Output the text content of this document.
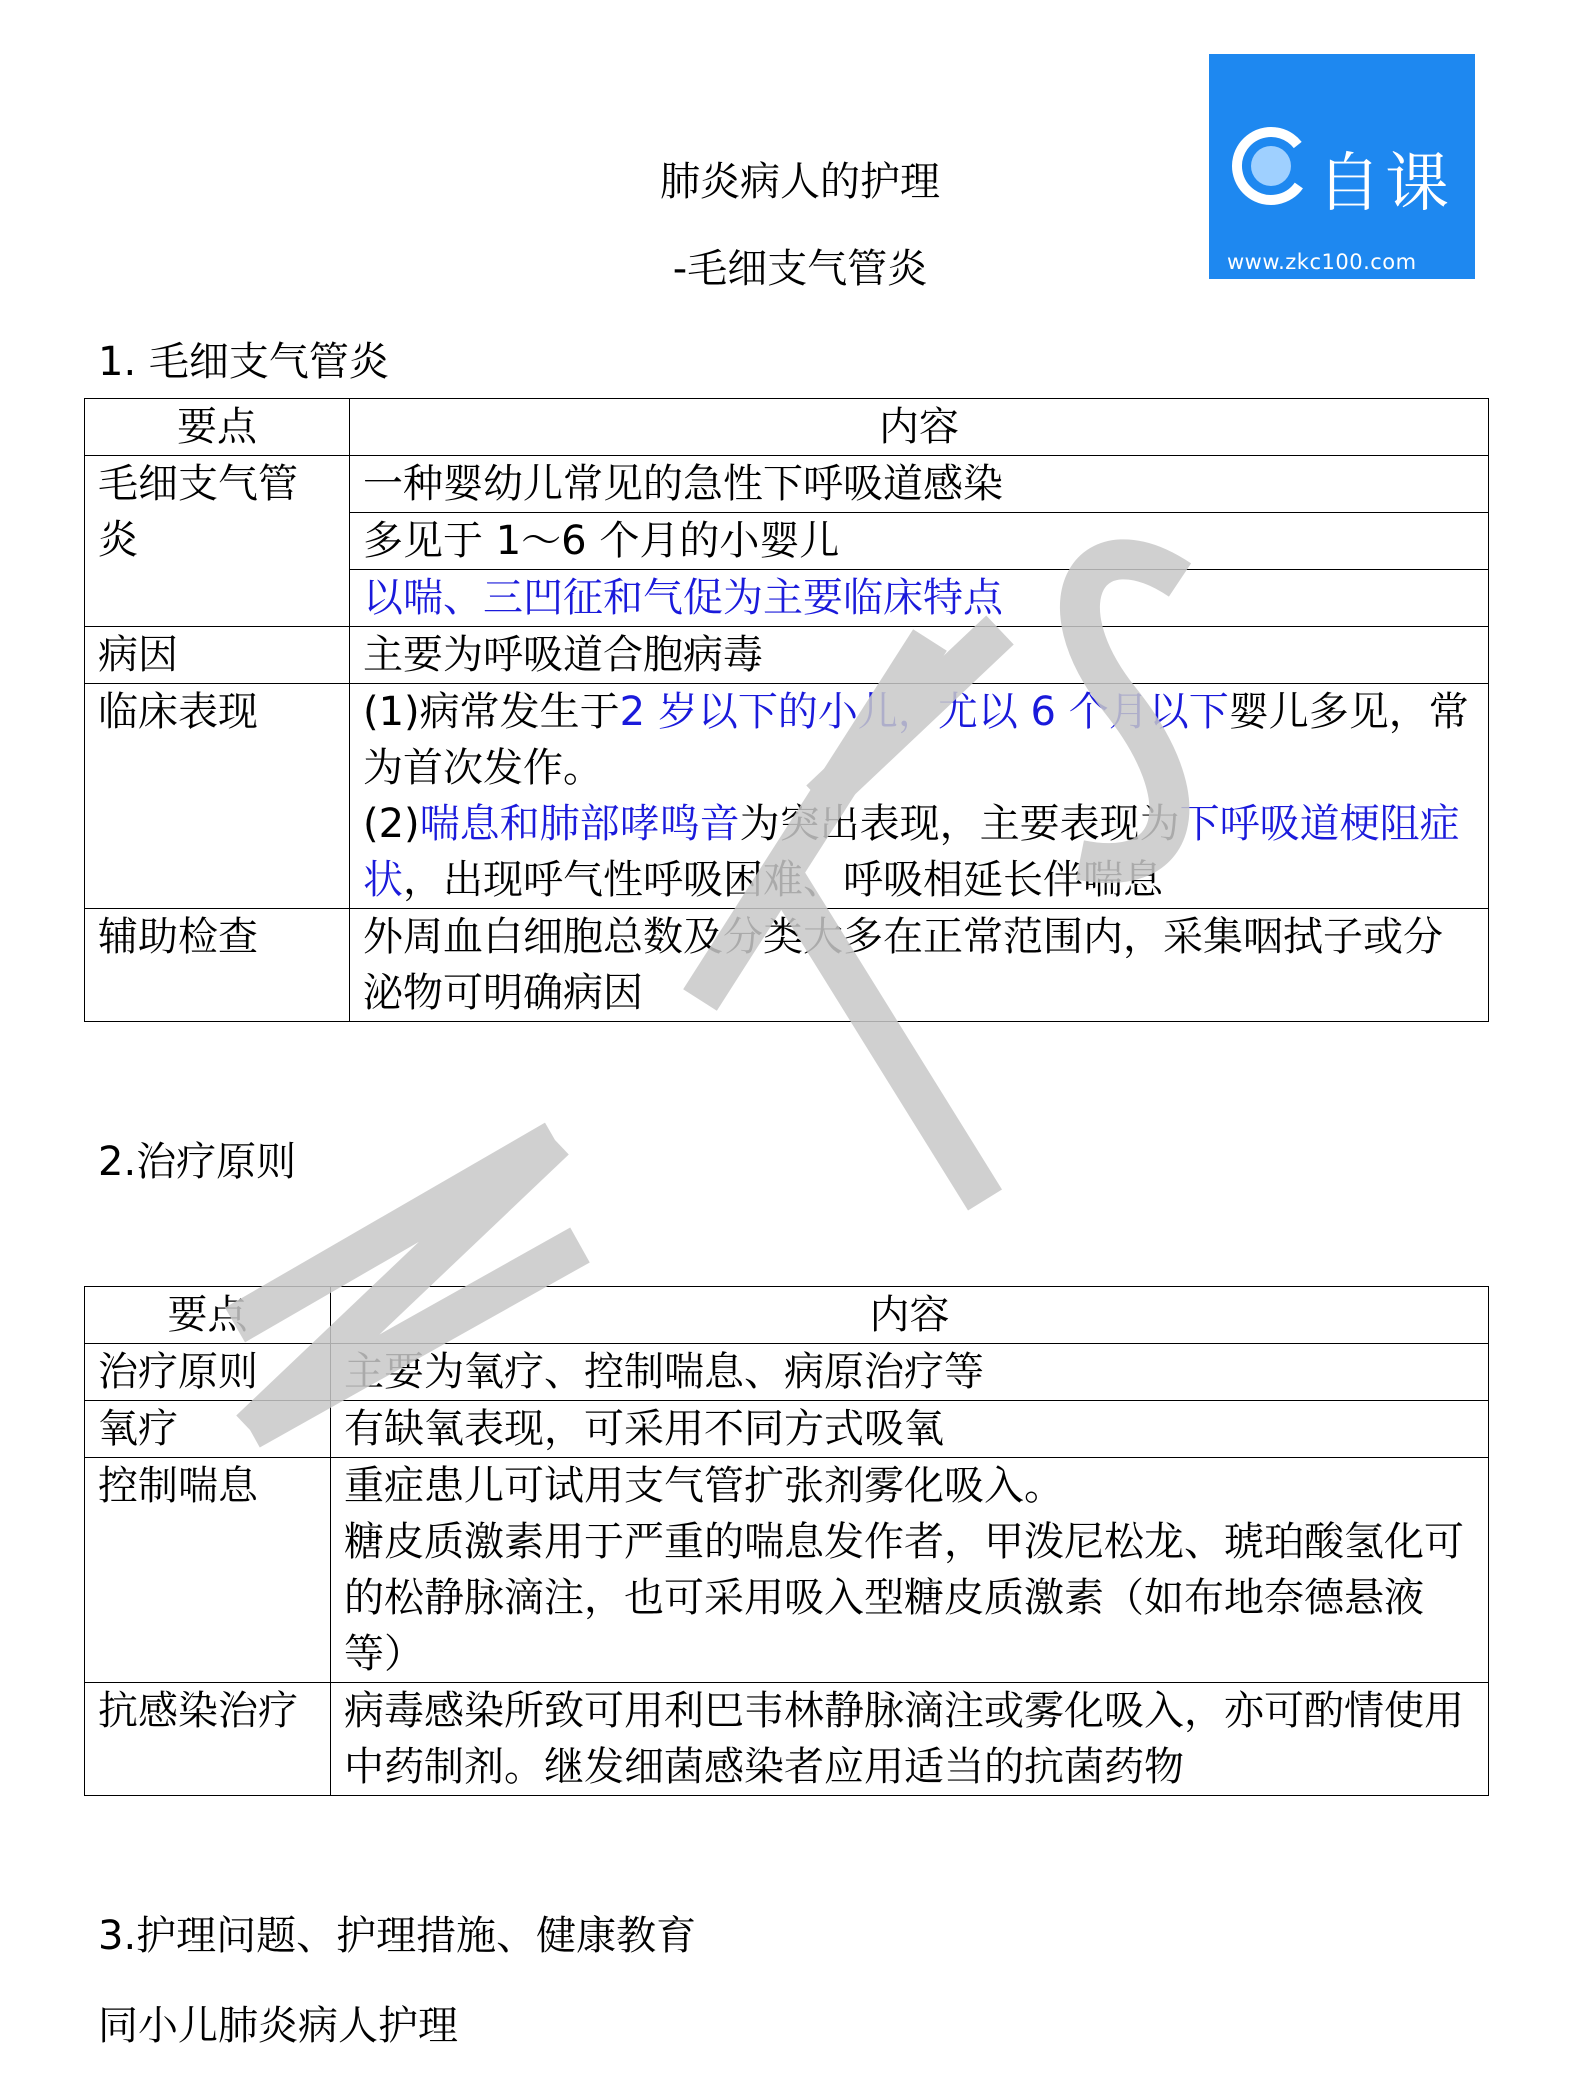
肺炎病人的护理
-毛细支气管炎
自课
www.zkc100.com
1. 毛细支气管炎
要点	内容
毛细支气管炎	一种婴幼儿常见的急性下呼吸道感染
	多见于 1～6 个月的小婴儿
	以喘、三凹征和气促为主要临床特点
病因	主要为呼吸道合胞病毒
临床表现	(1)病常发生于2 岁以下的小儿，尤以 6 个月以下婴儿多见，常为首次发作。
(2)喘息和肺部哮鸣音为突出表现，主要表现为下呼吸道梗阻症状，出现呼气性呼吸困难、呼吸相延长伴喘息

辅助检查	外周血白细胞总数及分类大多在正常范围内，采集咽拭子或分泌物可明确病因
2.治疗原则
要点	内容
治疗原则	主要为氧疗、控制喘息、病原治疗等
氧疗	有缺氧表现，可采用不同方式吸氧
控制喘息	重症患儿可试用支气管扩张剂雾化吸入。
糖皮质激素用于严重的喘息发作者，甲泼尼松龙、琥珀酸氢化可的松静脉滴注，也可采用吸入型糖皮质激素（如布地奈德悬液等）

抗感染治疗	病毒感染所致可用利巴韦林静脉滴注或雾化吸入，亦可酌情使用中药制剂。继发细菌感染者应用适当的抗菌药物
3.护理问题、护理措施、健康教育
同小儿肺炎病人护理
